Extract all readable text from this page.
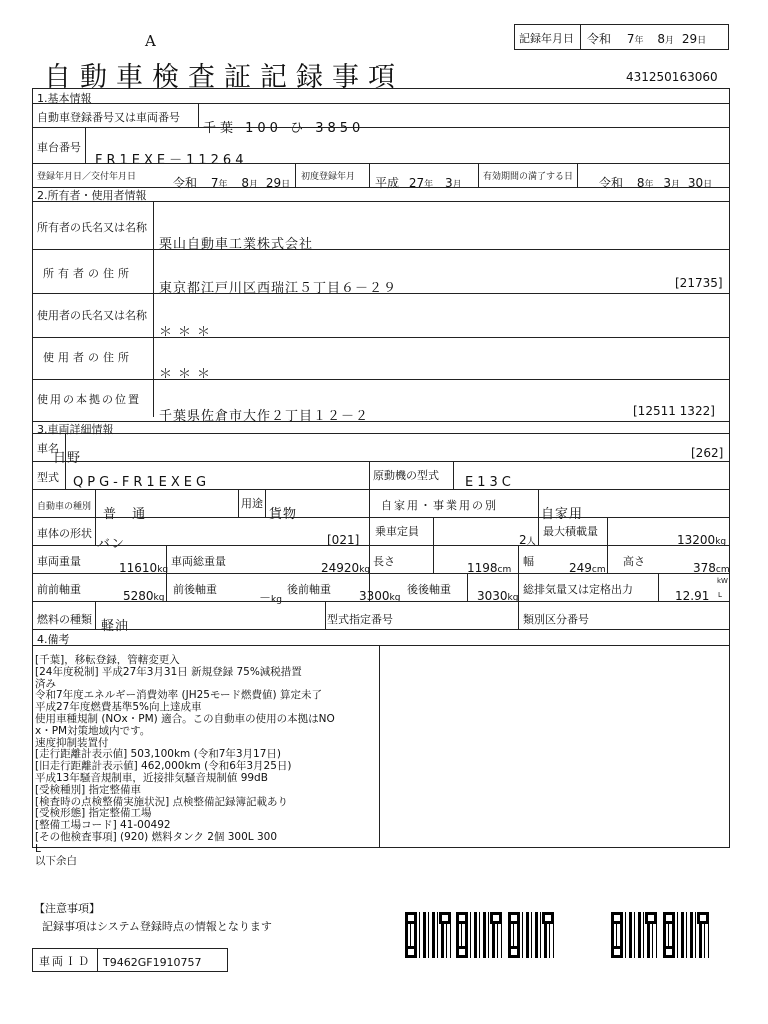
A	記録年月日 令和 7年 8月 29日
自動車検査証記録事項	431250163060
1.基本情報
自動車登録番号又は車両番号
千葉 100 ひ 3850
車台番号
FR1EXE－11264
登録年月日／交付年月日	令和 7年 8月 29日
初度登録年月 平成 27年 3月
有効期間の満了する日 令和 8年 3月 30日
2.所有者・使用者情報
所有者の氏名又は名称
栗山自動車工業株式会社
所有者の住所
東京都江戸川区西瑞江５丁目６－２９	[21735]
使用者の氏名又は名称
＊＊＊
使用者の住所
＊＊＊
使用の本拠の位置
千葉県佐倉市大作２丁目１２－２	[12511 1322]
3.車両詳細情報
車名
日野	[262]
型式 QPG-FR1EXEG	原動機の型式 E13C
自動車の種別 普 通
用途
貨物
自家用・事業用の別
自家用
車体の形状
バン	[021]
乗車定員
2人
最大積載量
13200kg
車両重量	11610kg
車両総重量	24920kg
長さ	1198cm
幅	249cm
高さ	378cm
前前軸重	5280kg
前後軸重
－kg
後前軸重 3300kg
後後軸重 3030kg
総排気量又は定格出力	12.91
kW
L
燃料の種類 軽油	型式指定番号	類別区分番号
4.備考
[千葉]，移転登録，管轄変更入
[24年度税制] 平成27年3月31日 新規登録 75%減税措置
済み
令和7年度エネルギー消費効率 (JH25モード燃費値) 算定未了
平成27年度燃費基準5%向上達成車
使用車種規制 (NOx・PM) 適合。この自動車の使用の本拠はNO
x・PM対策地域内です。
速度抑制装置付
[走行距離計表示値] 503,100km (令和7年3月17日)
[旧走行距離計表示値] 462,000km (令和6年3月25日)
平成13年騒音規制車，近接排気騒音規制値 99dB
[受検種別] 指定整備車
[検査時の点検整備実施状況] 点検整備記録簿記載あり
[受検形態] 指定整備工場
[整備工場コード] 41-00492
[その他検査事項] (920) 燃料タンク 2個 300L 300
L
以下余白
【注意事項】
記録事項はシステム登録時点の情報となります
車両ＩＤ T9462GF1910757
